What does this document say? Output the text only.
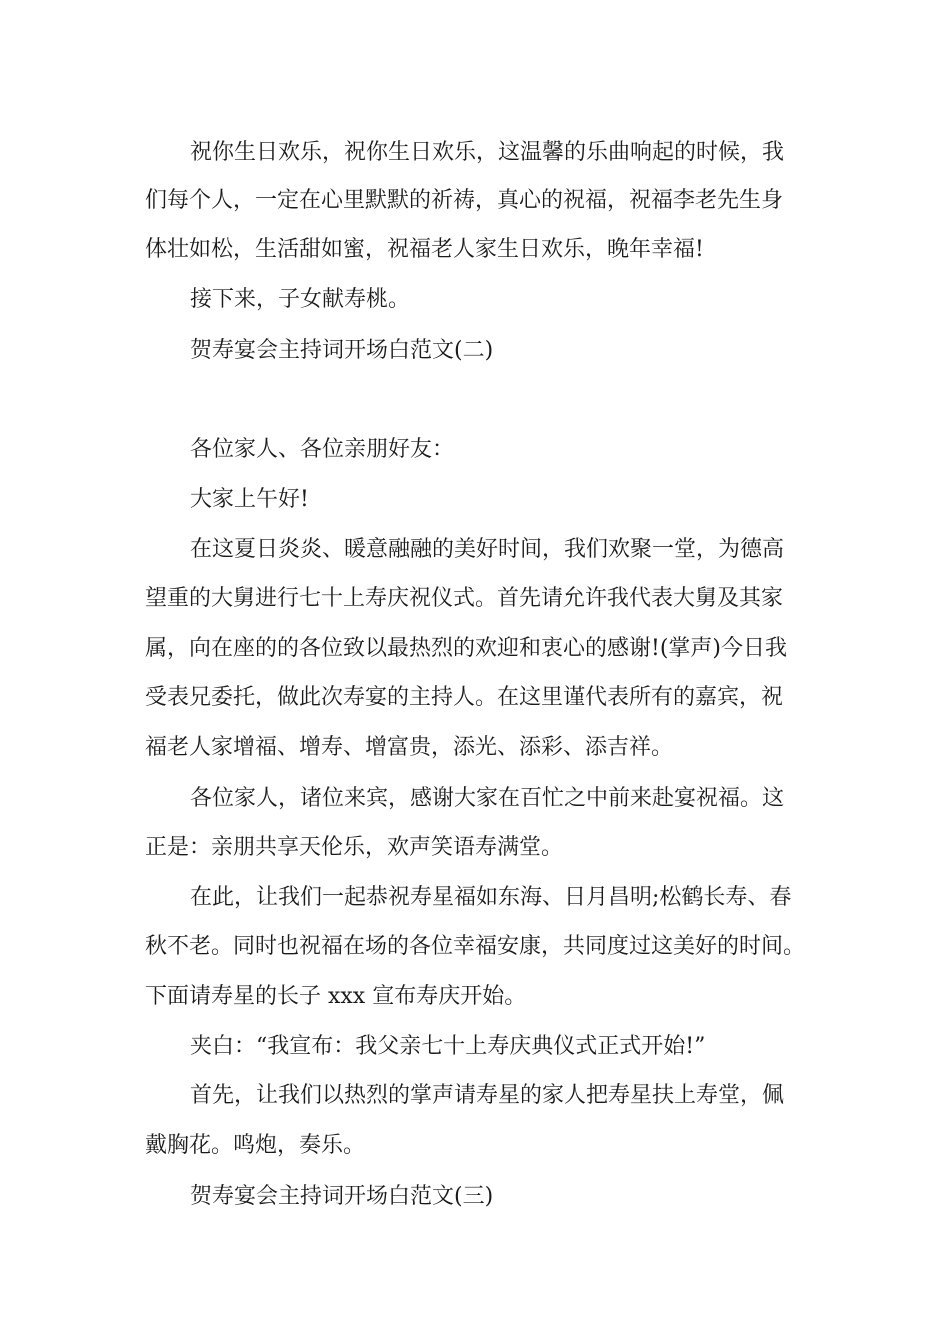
祝你生日欢乐，祝你生日欢乐，这温馨的乐曲响起的时候，我

们每个人，一定在心里默默的祈祷，真心的祝福，祝福李老先生身

体壮如松，生活甜如蜜，祝福老人家生日欢乐，晚年幸福!

接下来，子女献寿桃。

贺寿宴会主持词开场白范文(二)

各位家人、各位亲朋好友：

大家上午好!

在这夏日炎炎、暖意融融的美好时间，我们欢聚一堂，为德高

望重的大舅进行七十上寿庆祝仪式。首先请允许我代表大舅及其家

属，向在座的的各位致以最热烈的欢迎和衷心的感谢!(掌声)今日我

受表兄委托，做此次寿宴的主持人。在这里谨代表所有的嘉宾，祝

福老人家增福、增寿、增富贵，添光、添彩、添吉祥。

各位家人，诸位来宾，感谢大家在百忙之中前来赴宴祝福。这

正是：亲朋共享天伦乐，欢声笑语寿满堂。

在此，让我们一起恭祝寿星福如东海、日月昌明;松鹤长寿、春

秋不老。同时也祝福在场的各位幸福安康，共同度过这美好的时间。

下面请寿星的长子 xxx 宣布寿庆开始。

夹白：“我宣布：我父亲七十上寿庆典仪式正式开始!”

首先，让我们以热烈的掌声请寿星的家人把寿星扶上寿堂，佩

戴胸花。鸣炮，奏乐。

贺寿宴会主持词开场白范文(三)
